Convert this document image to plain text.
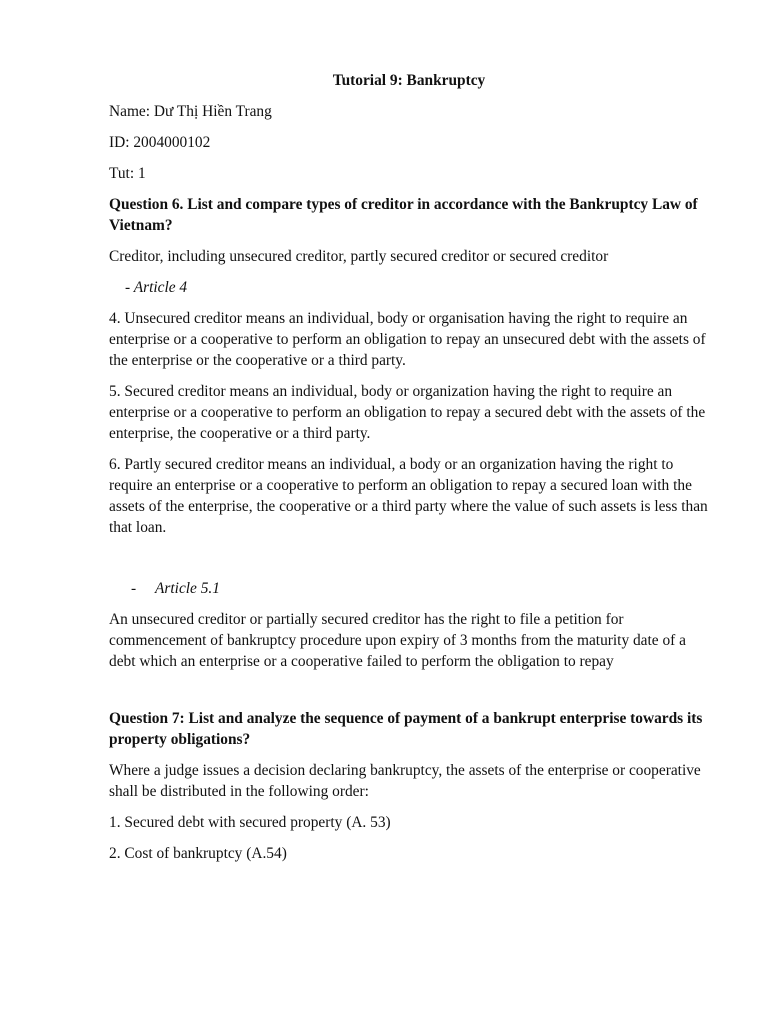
Tutorial 9: Bankruptcy
Name: Dư Thị Hiền Trang
ID: 2004000102
Tut: 1
Question 6. List and compare types of creditor in accordance with the Bankruptcy Law of Vietnam?
Creditor, including unsecured creditor, partly secured creditor or secured creditor
- Article 4
4. Unsecured creditor means an individual, body or organisation having the right to require an enterprise or a cooperative to perform an obligation to repay an unsecured debt with the assets of the enterprise or the cooperative or a third party.
5. Secured creditor means an individual, body or organization having the right to require an enterprise or a cooperative to perform an obligation to repay a secured debt with the assets of the enterprise, the cooperative or a third party.
6. Partly secured creditor means an individual, a body or an organization having the right to require an enterprise or a cooperative to perform an obligation to repay a secured loan with the assets of the enterprise, the cooperative or a third party where the value of such assets is less than that loan.
- Article 5.1
An unsecured creditor or partially secured creditor has the right to file a petition for commencement of bankruptcy procedure upon expiry of 3 months from the maturity date of a debt which an enterprise or a cooperative failed to perform the obligation to repay
Question 7: List and analyze the sequence of payment of a bankrupt enterprise towards its property obligations?
Where a judge issues a decision declaring bankruptcy, the assets of the enterprise or cooperative shall be distributed in the following order:
1. Secured debt with secured property (A. 53)
2. Cost of bankruptcy (A.54)
